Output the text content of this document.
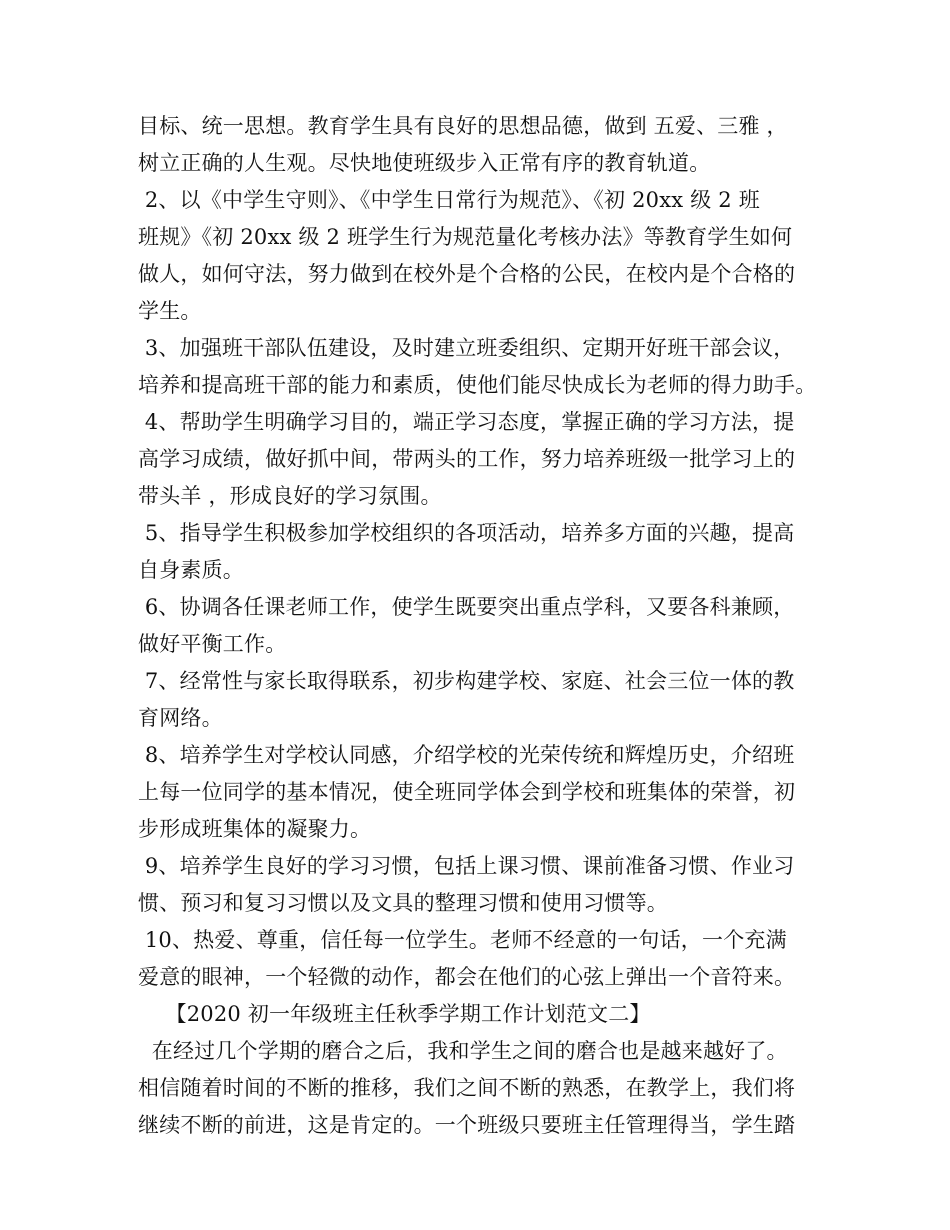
目标、统一思想。教育学生具有良好的思想品德，做到 五爱、三雅 ，
树立正确的人生观。尽快地使班级步入正常有序的教育轨道。
2、以《中学生守则》、《中学生日常行为规范》、《初 20xx 级 2 班
班规》《初 20xx 级 2 班学生行为规范量化考核办法》等教育学生如何
做人，如何守法，努力做到在校外是个合格的公民，在校内是个合格的
学生。
3、加强班干部队伍建设，及时建立班委组织、定期开好班干部会议，
培养和提高班干部的能力和素质，使他们能尽快成长为老师的得力助手。
4、帮助学生明确学习目的，端正学习态度，掌握正确的学习方法，提
高学习成绩，做好抓中间，带两头的工作，努力培养班级一批学习上的
带头羊 ，形成良好的学习氛围。
5、指导学生积极参加学校组织的各项活动，培养多方面的兴趣，提高
自身素质。
6、协调各任课老师工作，使学生既要突出重点学科，又要各科兼顾，
做好平衡工作。
7、经常性与家长取得联系，初步构建学校、家庭、社会三位一体的教
育网络。
8、培养学生对学校认同感，介绍学校的光荣传统和辉煌历史，介绍班
上每一位同学的基本情况，使全班同学体会到学校和班集体的荣誉，初
步形成班集体的凝聚力。
9、培养学生良好的学习习惯，包括上课习惯、课前准备习惯、作业习
惯、预习和复习习惯以及文具的整理习惯和使用习惯等。
10、热爱、尊重，信任每一位学生。老师不经意的一句话，一个充满
爱意的眼神，一个轻微的动作，都会在他们的心弦上弹出一个音符来。
【2020 初一年级班主任秋季学期工作计划范文二】
在经过几个学期的磨合之后，我和学生之间的磨合也是越来越好了。
相信随着时间的不断的推移，我们之间不断的熟悉，在教学上，我们将
继续不断的前进，这是肯定的。一个班级只要班主任管理得当，学生踏
